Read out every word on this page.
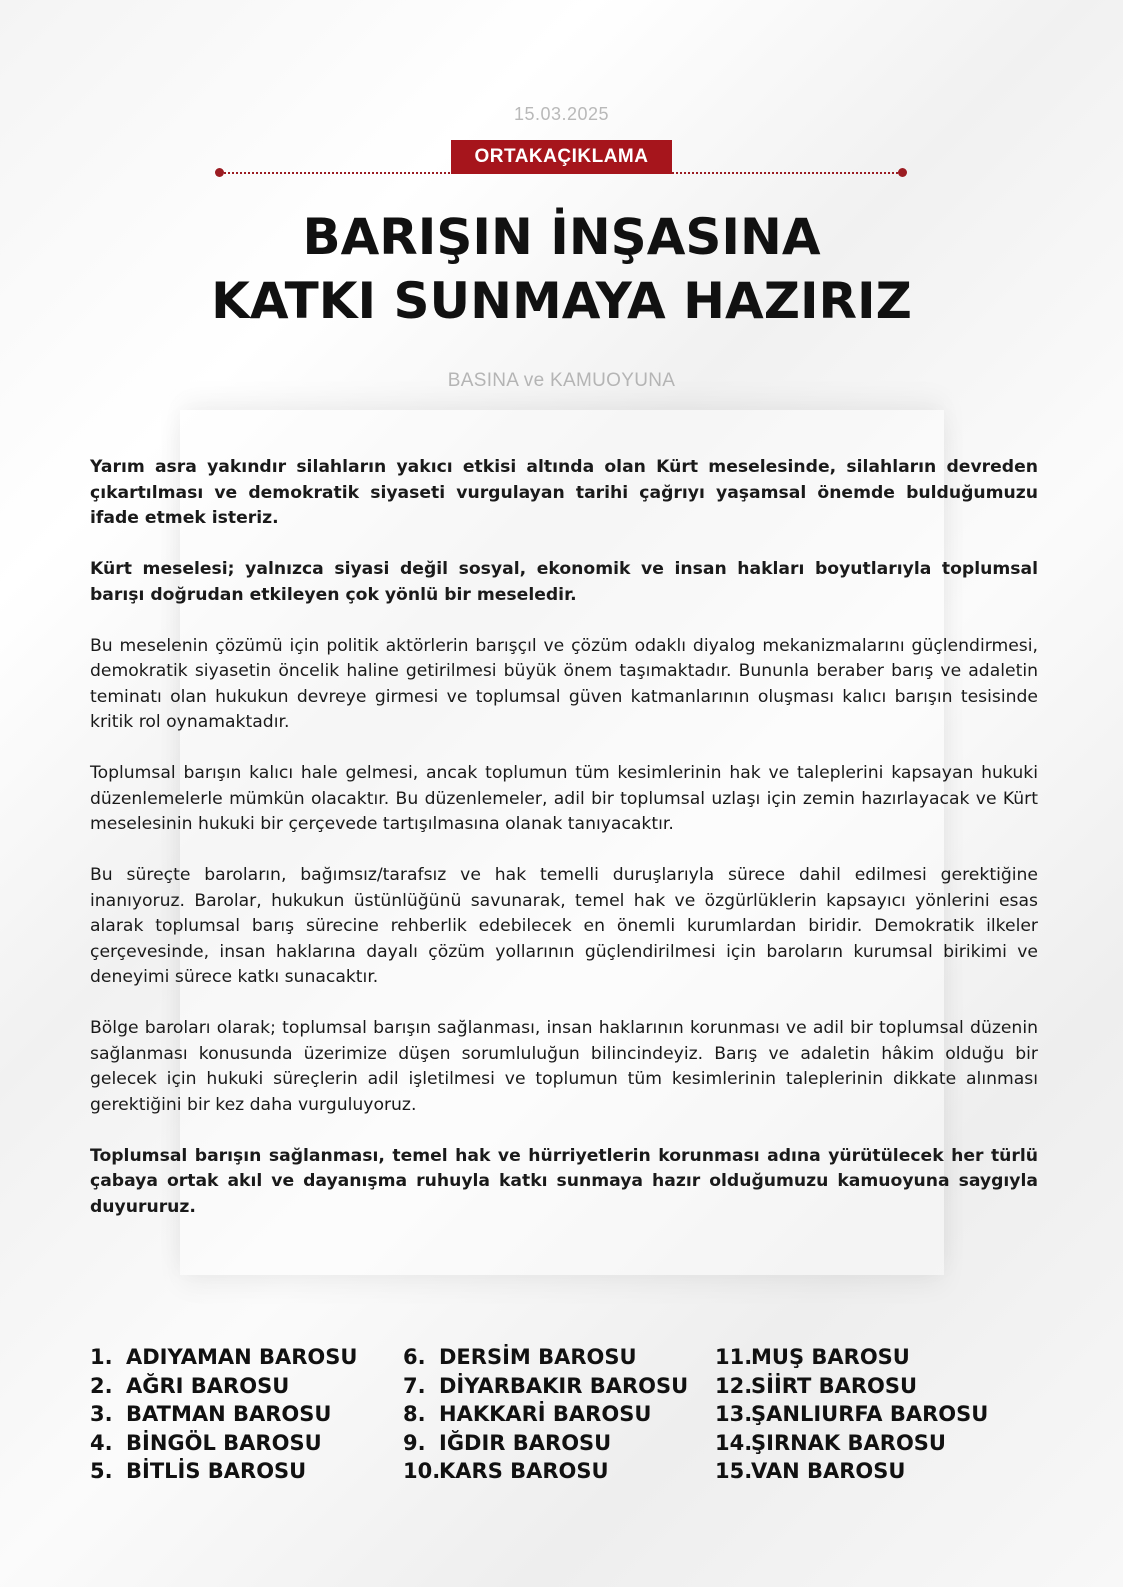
15.03.2025
ORTAKAÇIKLAMA
BARIŞIN İNŞASINA
KATKI SUNMAYA HAZIRIZ
BASINA ve KAMUOYUNA

Yarım asra yakındır silahların yakıcı etkisi altında olan Kürt meselesinde, silahların devreden çıkartılması ve demokratik siyaseti vurgulayan tarihi çağrıyı yaşamsal önemde bulduğumuzu ifade etmek isteriz.

Kürt meselesi; yalnızca siyasi değil sosyal, ekonomik ve insan hakları boyutlarıyla toplumsal barışı doğrudan etkileyen çok yönlü bir meseledir.

Bu meselenin çözümü için politik aktörlerin barışçıl ve çözüm odaklı diyalog mekanizmalarını güçlendirmesi, demokratik siyasetin öncelik haline getirilmesi büyük önem taşımaktadır. Bununla beraber barış ve adaletin teminatı olan hukukun devreye girmesi ve toplumsal güven katmanlarının oluşması kalıcı barışın tesisinde kritik rol oynamaktadır.

Toplumsal barışın kalıcı hale gelmesi, ancak toplumun tüm kesimlerinin hak ve taleplerini kapsayan hukuki düzenlemelerle mümkün olacaktır. Bu düzenlemeler, adil bir toplumsal uzlaşı için zemin hazırlayacak ve Kürt meselesinin hukuki bir çerçevede tartışılmasına olanak tanıyacaktır.

Bu süreçte baroların, bağımsız/tarafsız ve hak temelli duruşlarıyla sürece dahil edilmesi gerektiğine inanıyoruz. Barolar, hukukun üstünlüğünü savunarak, temel hak ve özgürlüklerin kapsayıcı yönlerini esas alarak toplumsal barış sürecine rehberlik edebilecek en önemli kurumlardan biridir. Demokratik ilkeler çerçevesinde, insan haklarına dayalı çözüm yollarının güçlendirilmesi için baroların kurumsal birikimi ve deneyimi sürece katkı sunacaktır.

Bölge baroları olarak; toplumsal barışın sağlanması, insan haklarının korunması ve adil bir toplumsal düzenin sağlanması konusunda üzerimize düşen sorumluluğun bilincindeyiz. Barış ve adaletin hâkim olduğu bir gelecek için hukuki süreçlerin adil işletilmesi ve toplumun tüm kesimlerinin taleplerinin dikkate alınması gerektiğini bir kez daha vurguluyoruz.

Toplumsal barışın sağlanması, temel hak ve hürriyetlerin korunması adına yürütülecek her türlü çabaya ortak akıl ve dayanışma ruhuyla katkı sunmaya hazır olduğumuzu kamuoyuna saygıyla duyururuz.

1. ADIYAMAN BAROSU
2. AĞRI BAROSU
3. BATMAN BAROSU
4. BİNGÖL BAROSU
5. BİTLİS BAROSU
6. DERSİM BAROSU
7. DİYARBAKIR BAROSU
8. HAKKARİ BAROSU
9. IĞDIR BAROSU
10.
KARS BAROSU
11.
MUŞ BAROSU
12.
SİİRT BAROSU
13.
ŞANLIURFA BAROSU
14.
ŞIRNAK BAROSU
15.
VAN BAROSU
